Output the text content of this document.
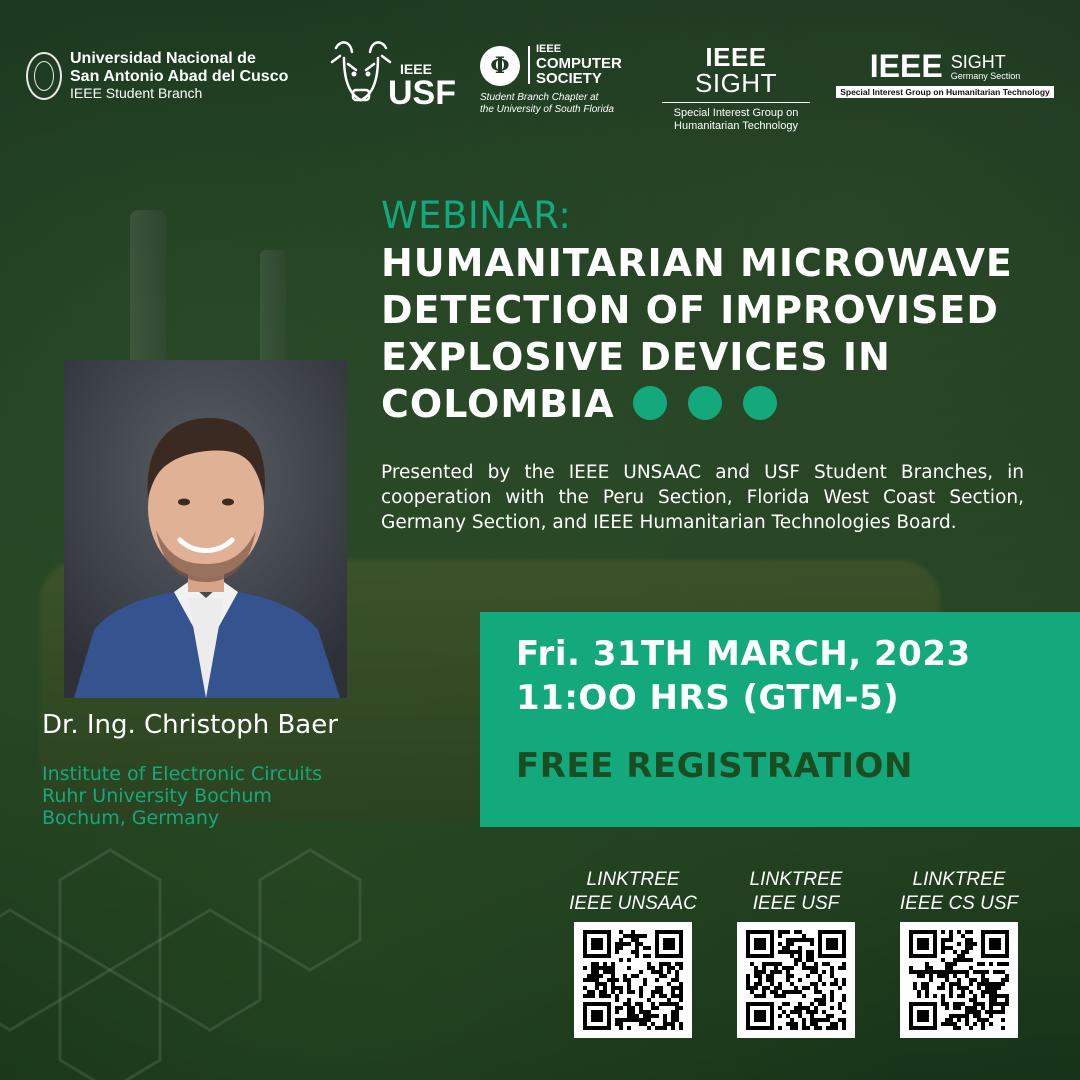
Universidad Nacional de
San Antonio Abad del Cusco
IEEE Student Branch
IEEE
USF
Φ
IEEE
COMPUTER
SOCIETY
Student Branch Chapter at
the University of South Florida
IEEE SIGHT
Special Interest Group on
Humanitarian Technology
IEEE SIGHT
Germany Section
Special Interest Group on Humanitarian Technology
WEBINAR:
HUMANITARIAN MICROWAVE
DETECTION OF IMPROVISED
EXPLOSIVE DEVICES IN
COLOMBIA
Presented by the IEEE UNSAAC and USF Student Branches, in cooperation with the Peru Section, Florida West Coast Section, Germany Section, and IEEE Humanitarian Technologies Board.
Dr. Ing. Christoph Baer
Institute of Electronic Circuits
Ruhr University Bochum
Bochum, Germany
Fri. 31TH MARCH, 2023
11:OO HRS (GTM-5)
FREE REGISTRATION
LINKTREE
IEEE UNSAAC
LINKTREE
IEEE USF
LINKTREE
IEEE CS USF
